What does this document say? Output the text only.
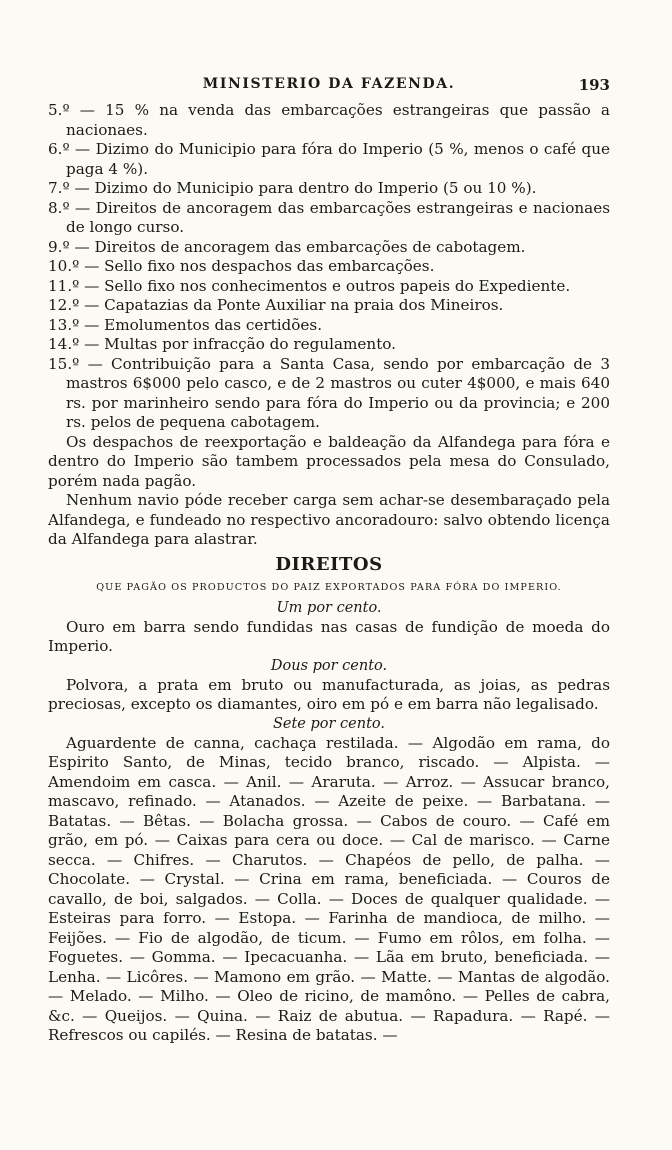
MINISTERIO DA FAZENDA.	193
5.º — 15 % na venda das embarcações estrangeiras que passão a nacionaes.
6.º — Dizimo do Municipio para fóra do Imperio (5 %, menos o café que paga 4 %).
7.º — Dizimo do Municipio para dentro do Imperio (5 ou 10 %).
8.º — Direitos de ancoragem das embarcações estrangeiras e nacionaes de longo curso.
9.º — Direitos de ancoragem das embarcações de cabotagem.
10.º — Sello fixo nos despachos das embarcações.
11.º — Sello fixo nos conhecimentos e outros papeis do Expediente.
12.º — Capatazias da Ponte Auxiliar na praia dos Mineiros.
13.º — Emolumentos das certidões.
14.º — Multas por infracção do regulamento.
15.º — Contribuição para a Santa Casa, sendo por embarcação de 3 mastros 6$000 pelo casco, e de 2 mastros ou cuter 4$000, e mais 640 rs. por marinheiro sendo para fóra do Imperio ou da provincia; e 200 rs. pelos de pequena cabotagem.

Os despachos de reexportação e baldeação da Alfandega para fóra e dentro do Imperio são tambem processados pela mesa do Consulado, porém nada pagão.

Nenhum navio póde receber carga sem achar-se desembaraçado pela Alfandega, e fundeado no respectivo ancoradouro: salvo obtendo licença da Alfandega para alastrar.

DIREITOS
QUE PAGÃO OS PRODUCTOS DO PAIZ EXPORTADOS PARA FÓRA DO IMPERIO.
Um por cento.

Ouro em barra sendo fundidas nas casas de fundição de moeda do Imperio.

Dous por cento.

Polvora, a prata em bruto ou manufacturada, as joias, as pedras preciosas, excepto os diamantes, oiro em pó e em barra não legalisado.

Sete por cento.

Aguardente de canna, cachaça restilada. — Algodão em rama, do Espirito Santo, de Minas, tecido branco, riscado. — Alpista. — Amendoim em casca. — Anil. — Araruta. — Arroz. — Assucar branco, mascavo, refinado. — Atanados. — Azeite de peixe. — Barbatana. — Batatas. — Bêtas. — Bolacha grossa. — Cabos de couro. — Café em grão, em pó. — Caixas para cera ou doce. — Cal de marisco. — Carne secca. — Chifres. — Charutos. — Chapéos de pello, de palha. — Chocolate. — Crystal. — Crina em rama, beneficiada. — Couros de cavallo, de boi, salgados. — Colla. — Doces de qualquer qualidade. — Esteiras para forro. — Estopa. — Farinha de mandioca, de milho. — Feijões. — Fio de algodão, de ticum. — Fumo em rôlos, em folha. — Foguetes. — Gomma. — Ipecacuanha. — Lãa em bruto, beneficiada. — Lenha. — Licôres. — Mamono em grão. — Matte. — Mantas de algodão. — Melado. — Milho. — Oleo de ricino, de mamôno. — Pelles de cabra, &c. — Queijos. — Quina. — Raiz de abutua. — Rapadura. — Rapé. — Refrescos ou capilés. — Resina de batatas. —
